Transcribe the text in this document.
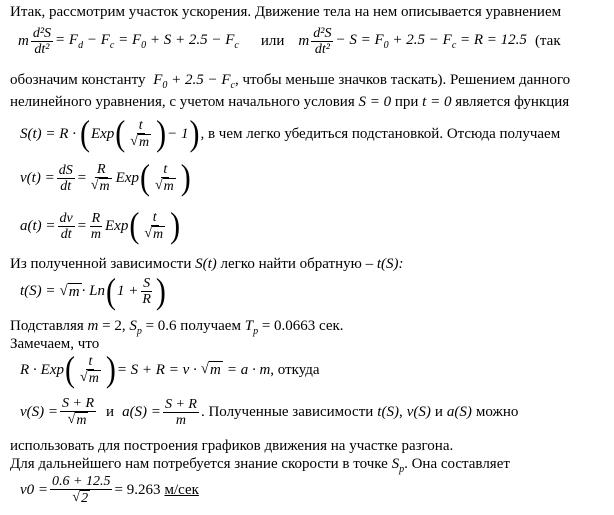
Итак, рассмотрим участок ускорения. Движение тела на нем описывается уравнением
m $\frac{\text{d²S}}{\text{dt²}} = F_d - F_c = F_0 + S + 2.5 - F_c$ или m $\frac{\text{d²S}}{\text{dt²}} - S = F_0 + 2.5 - F_c = R = 12.5$ (так
обозначим константу $F_0 + 2.5 - F_c$, чтобы меньше значков таскать). Решением данного
нелинейного уравнения, с учетом начального условия S = 0 при t = 0 является функция
S(t) = R · ( Exp ( $\frac{t}{√ m}$ ) − 1 ) , в чем легко убедиться подстановкой. Отсюда получаем
$v(t) = \frac{dS}{dt} = \frac{R}{√ m}$ Exp ( $\frac{t}{√ m}$ )
$a(t) = \frac{dv}{dt} = \frac{R}{m}$ Exp ( $\frac{t}{√ m}$ )
Из полученной зависимости S(t) легко найти обратную – t(S):
t(S) = √ m · Ln ( $1 + \frac{S}{R}$ )
Подставляя m = 2, $S_p = 0.6$ получаем $T_p = 0.0663$ сек.
Замечаем, что
R · Exp ( $\frac{t}{√ m}$ ) = S + R = v · √ m = a · m , откуда
$v(S) = \frac{S + R}{√ m}$ и $a(S) = \frac{S + R}{m}$ . Полученные зависимости t(S) , v(S) и a(S) можно
использовать для построения графиков движения на участке разгона.
Для дальнейшего нам потребуется знание скорости в точке $S_p$. Она составляет
$v0 = \frac{0.6 + 12.5}{√ 2} = 9.263$ м/сек
